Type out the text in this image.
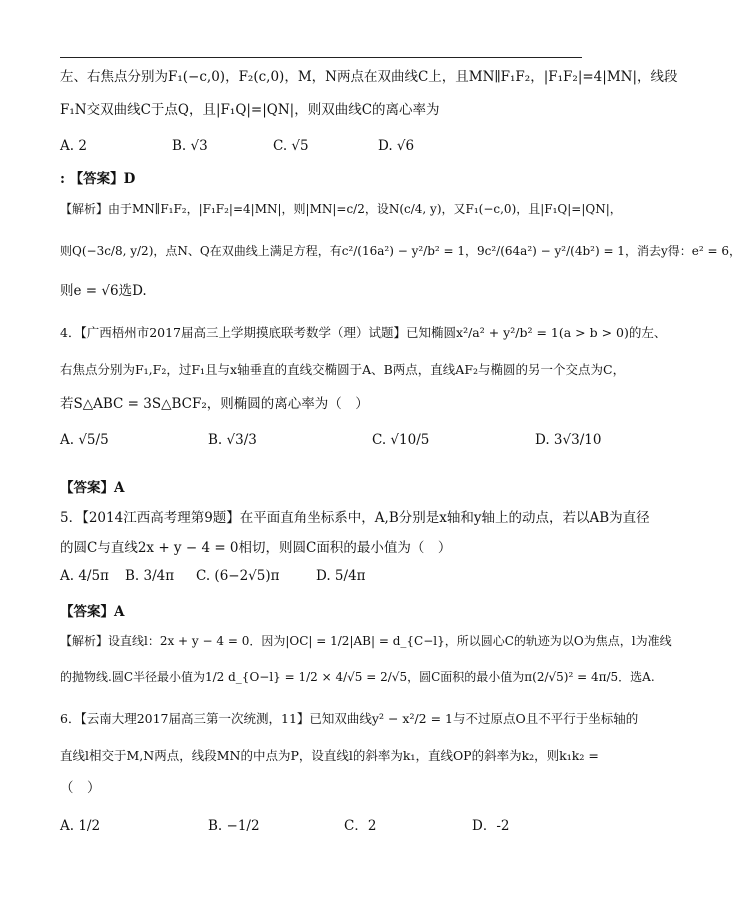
左、右焦点分别为F₁(−c,0)，F₂(c,0)，M，N两点在双曲线C上，且MN∥F₁F₂，|F₁F₂|=4|MN|，线段
F₁N交双曲线C于点Q，且|F₁Q|=|QN|，则双曲线C的离心率为
A. 2	B. √3	C. √5	D. √6
: 【答案】D
【解析】由于MN∥F₁F₂，|F₁F₂|=4|MN|，则|MN|=c/2，设N(c/4, y)，又F₁(−c,0)，且|F₁Q|=|QN|，
则Q(−3c/8, y/2)，点N、Q在双曲线上满足方程，有c²/(16a²) − y²/b² = 1，9c²/(64a²) − y²/(4b²) = 1，消去y得：e² = 6，
则e = √6选D.
4．【广西梧州市2017届高三上学期摸底联考数学（理）试题】已知椭圆x²/a² + y²/b² = 1(a > b > 0)的左、
右焦点分别为F₁,F₂，过F₁且与x轴垂直的直线交椭圆于A、B两点，直线AF₂与椭圆的另一个交点为C，
若S△ABC = 3S△BCF₂，则椭圆的离心率为（　）
A. √5/5	B. √3/3	C. √10/5	D. 3√3/10
【答案】A
5．【2014江西高考理第9题】在平面直角坐标系中，A,B分别是x轴和y轴上的动点，若以AB为直径
的圆C与直线2x + y − 4 = 0相切，则圆C面积的最小值为（　）
A. 4/5π B. 3/4π C. (6−2√5)π	D. 5/4π
【答案】A
【解析】设直线l：2x + y − 4 = 0．因为|OC| = 1/2|AB| = d_{C−l}，所以圆心C的轨迹为以O为焦点，l为准线
的抛物线.圆C半径最小值为1/2 d_{O−l} = 1/2 × 4/√5 = 2/√5，圆C面积的最小值为π(2/√5)² = 4π/5．选A.
6．【云南大理2017届高三第一次统测，11】已知双曲线y² − x²/2 = 1与不过原点O且不平行于坐标轴的
直线l相交于M,N两点，线段MN的中点为P，设直线l的斜率为k₁，直线OP的斜率为k₂，则k₁k₂ =
（　）
A. 1/2	B. −1/2	C．2	D．-2
